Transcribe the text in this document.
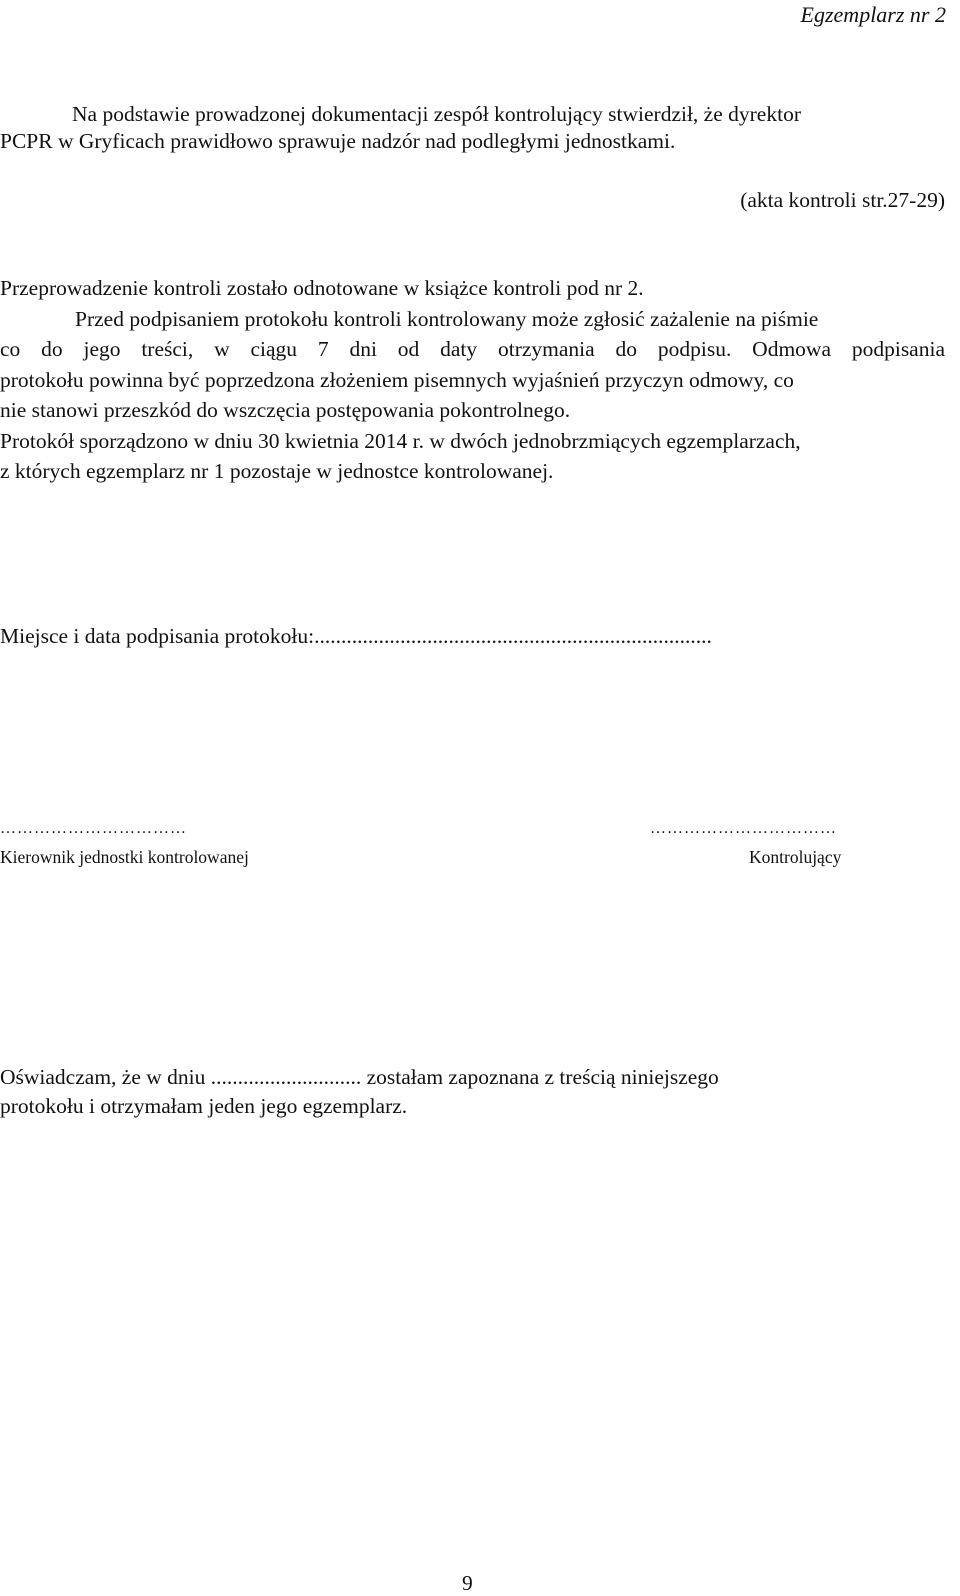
Egzemplarz nr 2
Na podstawie prowadzonej dokumentacji zespół kontrolujący stwierdził, że dyrektor
PCPR w Gryficach prawidłowo sprawuje nadzór nad podległymi jednostkami.
(akta kontroli str.27-29)
Przeprowadzenie kontroli zostało odnotowane w książce kontroli pod nr 2.
Przed podpisaniem protokołu kontroli kontrolowany może zgłosić zażalenie na piśmie
co do jego treści, w ciągu 7 dni od daty otrzymania do podpisu. Odmowa podpisania
protokołu powinna być poprzedzona złożeniem pisemnych wyjaśnień przyczyn odmowy, co
nie stanowi przeszkód do wszczęcia postępowania pokontrolnego.
Protokół sporządzono w dniu 30 kwietnia 2014 r. w dwóch jednobrzmiących egzemplarzach,
z których egzemplarz nr 1 pozostaje w jednostce kontrolowanej.
Miejsce i data podpisania protokołu:..........................................................................
……………………………	……………………………
Kierownik jednostki kontrolowanej	Kontrolujący
Oświadczam, że w dniu ............................ zostałam zapoznana z treścią niniejszego
protokołu i otrzymałam jeden jego egzemplarz.
9
